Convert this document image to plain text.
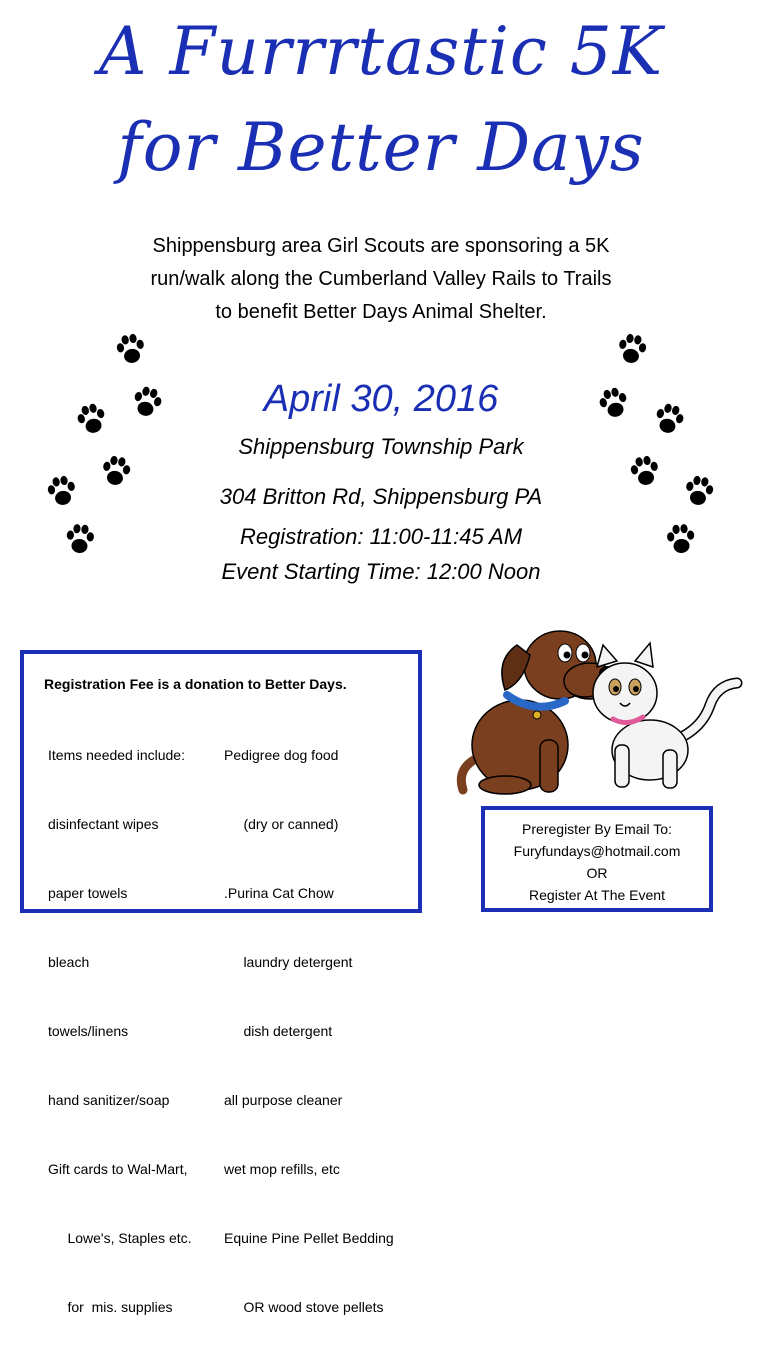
A Furrrtastic 5K
for Better Days
Shippensburg area Girl Scouts are sponsoring a 5K
run/walk along the Cumberland Valley Rails to Trails
to benefit Better Days Animal Shelter.
April 30, 2016
Shippensburg Township Park
304 Britton Rd, Shippensburg PA
Registration: 11:00-11:45 AM
Event Starting Time: 12:00 Noon
Registration Fee is a donation to Better Days.

Items needed include:

disinfectant wipes

paper towels

bleach

towels/linens

hand sanitizer/soap

Gift cards to Wal-Mart,

Lowe's, Staples etc.

for  mis. supplies

Pedigree dog food

(dry or canned)

.Purina Cat Chow

laundry detergent

dish detergent

all purpose cleaner

wet mop refills, etc

Equine Pine Pellet Bedding

OR wood stove pellets

Preregister By Email To:
Furyfundays@hotmail.com
OR
Register At The Event
